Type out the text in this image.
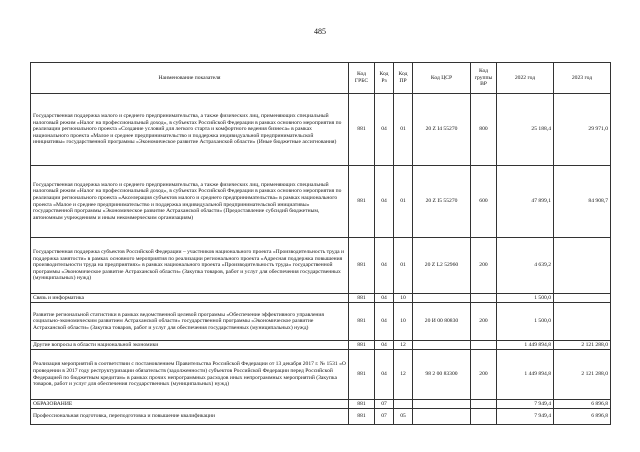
485
Наименование показателя	Код ГРБС	Код Рз	Код ПР	Код ЦСР	Код группы ВР	2022 год	2023 год
Государственная поддержка малого и среднего предпринимательства, а также физических лиц, применяющих специальный налоговый режим «Налог на профессиональный доход», в субъектах Российской Федерации в рамках основного мероприятия по реализации регионального проекта «Создание условий для легкого старта и комфортного ведения бизнеса» в рамках национального проекта «Малое и среднее предпринимательство и поддержка индивидуальной предпринимательской инициативы» государственной программы «Экономическое развитие Астраханской области» (Иные бюджетные ассигнования)	881	04	01	20 Z I4 55270	800	25 188,4	29 971,0
Государственная поддержка малого и среднего предпринимательства, а также физических лиц, применяющих специальный налоговый режим «Налог на профессиональный доход», в субъектах Российской Федерации в рамках основного мероприятия по реализации регионального проекта «Акселерация субъектов малого и среднего предпринимательства» в рамках национального проекта «Малое и среднее предпринимательство и поддержка индивидуальной предпринимательской инициативы» государственной программы «Экономическое развитие Астраханской области» (Предоставление субсидий бюджетным, автономным учреждениям и иным некоммерческим организациям)	881	04	01	20 Z I5 55270	600	47 899,1	84 908,7
Государственная поддержка субъектов Российской Федерации – участников национального проекта «Производительность труда и поддержка занятости» в рамках основного мероприятия по реализации регионального проекта «Адресная поддержка повышения производительности труда на предприятиях» в рамках национального проекта «Производительность труда» государственной программы «Экономическое развитие Астраханской области» (Закупка товаров, работ и услуг для обеспечения государственных (муниципальных) нужд)	881	04	01	20 Z L2 52960	200	4 639,2	
Связь и информатика	881	04	10			1 500,0	
Развитие региональной статистики в рамках ведомственной целевой программы «Обеспечение эффективного управления социально-экономическим развитием Астраханской области» государственной программы «Экономическое развитие Астраханской области» (Закупка товаров, работ и услуг для обеспечения государственных (муниципальных) нужд)	881	04	10	20 И 00 80830	200	1 500,0	
Другие вопросы в области национальной экономики	881	04	12			1 449 894,8	2 121 288,0
Реализация мероприятий в соответствии с постановлением Правительства Российской Федерации от 13 декабря 2017 г. № 1531 «О проведении в 2017 году реструктуризации обязательств (задолженности) субъектов Российской Федерации перед Российской Федерацией по бюджетным кредитам» в рамках прочих непрограммных расходов иных непрограммных мероприятий (Закупка товаров, работ и услуг для обеспечения государственных (муниципальных) нужд)	881	04	12	98 2 00 83300	200	1 449 894,8	2 121 288,0
ОБРАЗОВАНИЕ	881	07				7 949,4	6 896,8
Профессиональная подготовка, переподготовка и повышение квалификации	881	07	05			7 949,4	6 896,8
